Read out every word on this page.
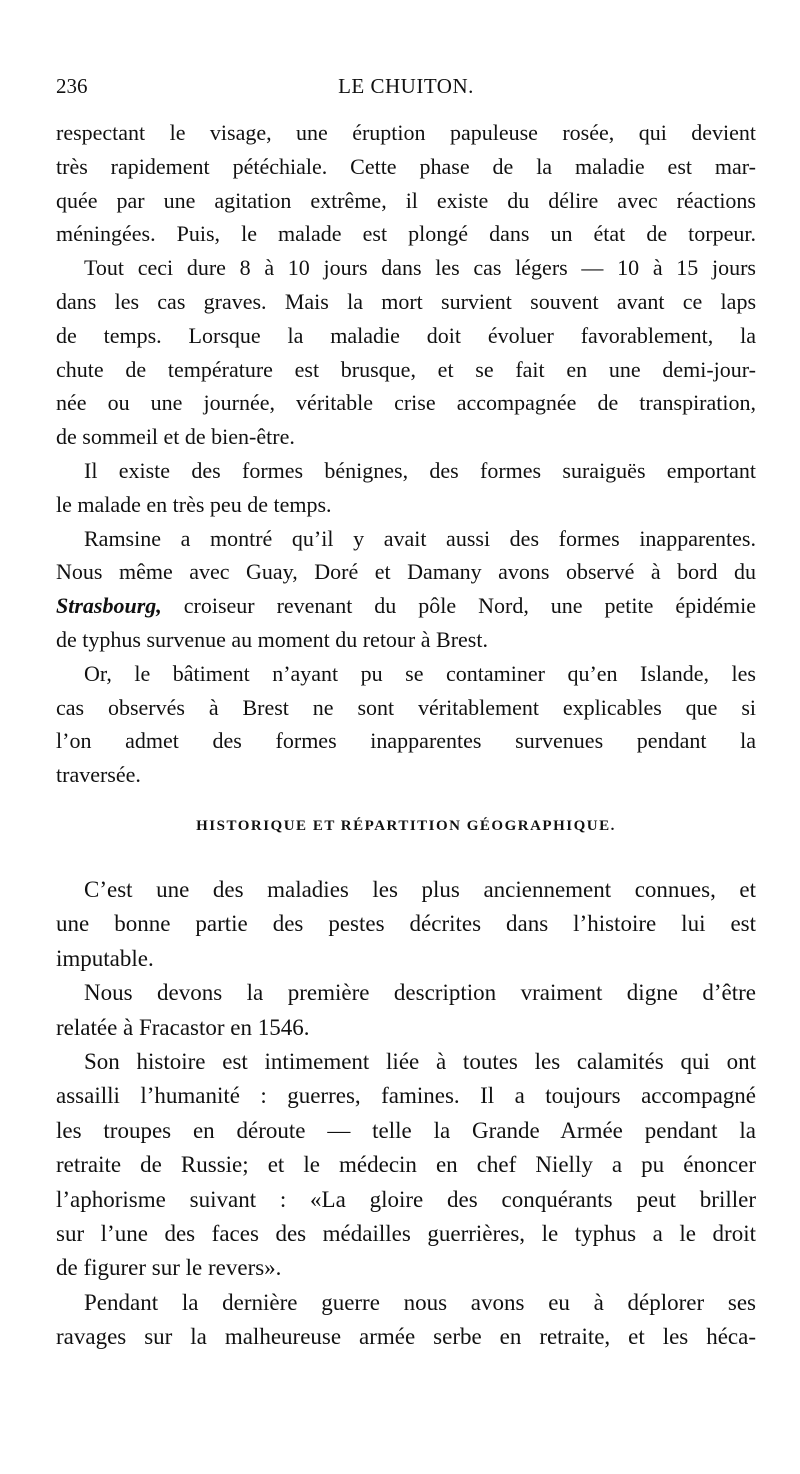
236	LE CHUITON.
respectant le visage, une éruption papuleuse rosée, qui devient
très rapidement pétéchiale. Cette phase de la maladie est mar-
quée par une agitation extrême, il existe du délire avec réactions
méningées. Puis, le malade est plongé dans un état de torpeur.
Tout ceci dure 8 à 10 jours dans les cas légers — 10 à 15 jours
dans les cas graves. Mais la mort survient souvent avant ce laps
de temps. Lorsque la maladie doit évoluer favorablement, la
chute de température est brusque, et se fait en une demi-jour-
née ou une journée, véritable crise accompagnée de transpiration,
de sommeil et de bien-être.
Il existe des formes bénignes, des formes suraiguës emportant
le malade en très peu de temps.
Ramsine a montré qu’il y avait aussi des formes inapparentes.
Nous même avec Guay, Doré et Damany avons observé à bord du
Strasbourg, croiseur revenant du pôle Nord, une petite épidémie
de typhus survenue au moment du retour à Brest.
Or, le bâtiment n’ayant pu se contaminer qu’en Islande, les
cas observés à Brest ne sont véritablement explicables que si
l’on admet des formes inapparentes survenues pendant la
traversée.
HISTORIQUE ET RÉPARTITION GÉOGRAPHIQUE.
C’est une des maladies les plus anciennement connues, et
une bonne partie des pestes décrites dans l’histoire lui est
imputable.
Nous devons la première description vraiment digne d’être
relatée à Fracastor en 1546.
Son histoire est intimement liée à toutes les calamités qui ont
assailli l’humanité : guerres, famines. Il a toujours accompagné
les troupes en déroute — telle la Grande Armée pendant la
retraite de Russie; et le médecin en chef Nielly a pu énoncer
l’aphorisme suivant : «La gloire des conquérants peut briller
sur l’une des faces des médailles guerrières, le typhus a le droit
de figurer sur le revers».
Pendant la dernière guerre nous avons eu à déplorer ses
ravages sur la malheureuse armée serbe en retraite, et les héca-
